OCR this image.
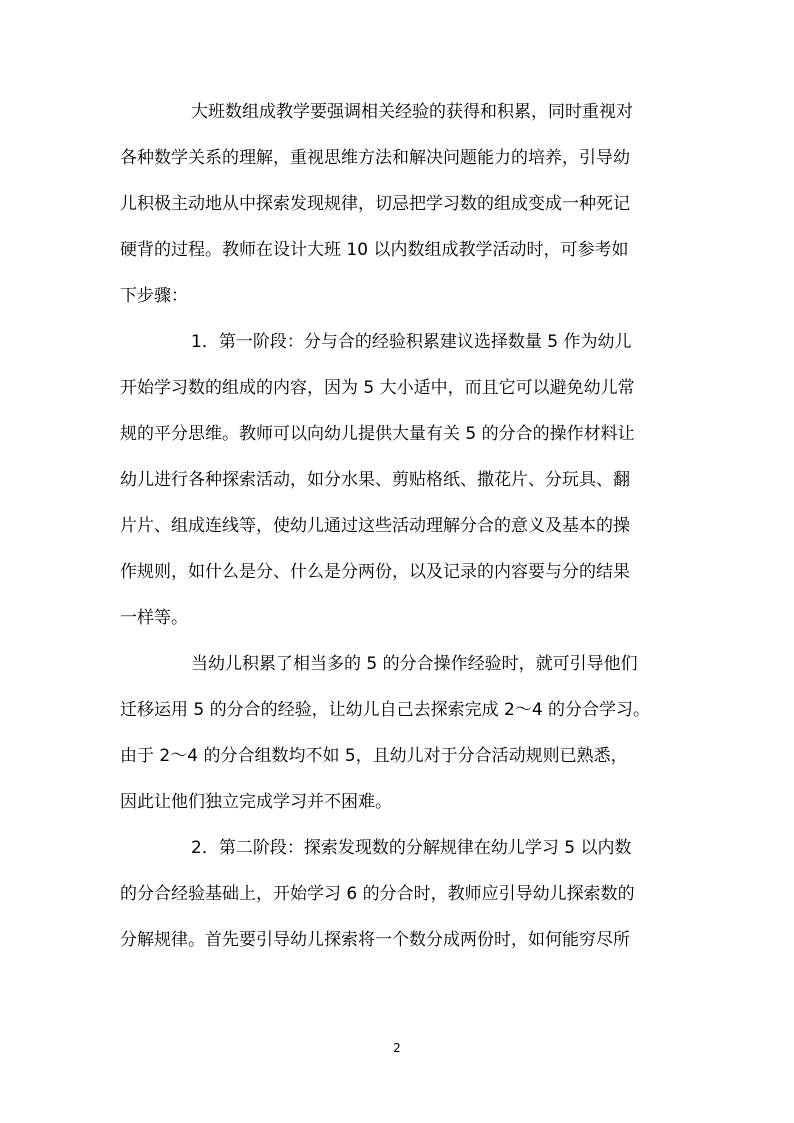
大班数组成教学要强调相关经验的获得和积累，同时重视对
各种数学关系的理解，重视思维方法和解决问题能力的培养，引导幼
儿积极主动地从中探索发现规律，切忌把学习数的组成变成一种死记
硬背的过程。教师在设计大班 10 以内数组成教学活动时，可参考如
下步骤：
1．第一阶段：分与合的经验积累建议选择数量 5 作为幼儿
开始学习数的组成的内容，因为 5 大小适中，而且它可以避免幼儿常
规的平分思维。教师可以向幼儿提供大量有关 5 的分合的操作材料让
幼儿进行各种探索活动，如分水果、剪贴格纸、撒花片、分玩具、翻
片片、组成连线等，使幼儿通过这些活动理解分合的意义及基本的操
作规则，如什么是分、什么是分两份，以及记录的内容要与分的结果
一样等。
当幼儿积累了相当多的 5 的分合操作经验时，就可引导他们
迁移运用 5 的分合的经验，让幼儿自己去探索完成 2～4 的分合学习。
由于 2～4 的分合组数均不如 5，且幼儿对于分合活动规则已熟悉，
因此让他们独立完成学习并不困难。
2．第二阶段：探索发现数的分解规律在幼儿学习 5 以内数
的分合经验基础上，开始学习 6 的分合时，教师应引导幼儿探索数的
分解规律。首先要引导幼儿探索将一个数分成两份时，如何能穷尽所
2
